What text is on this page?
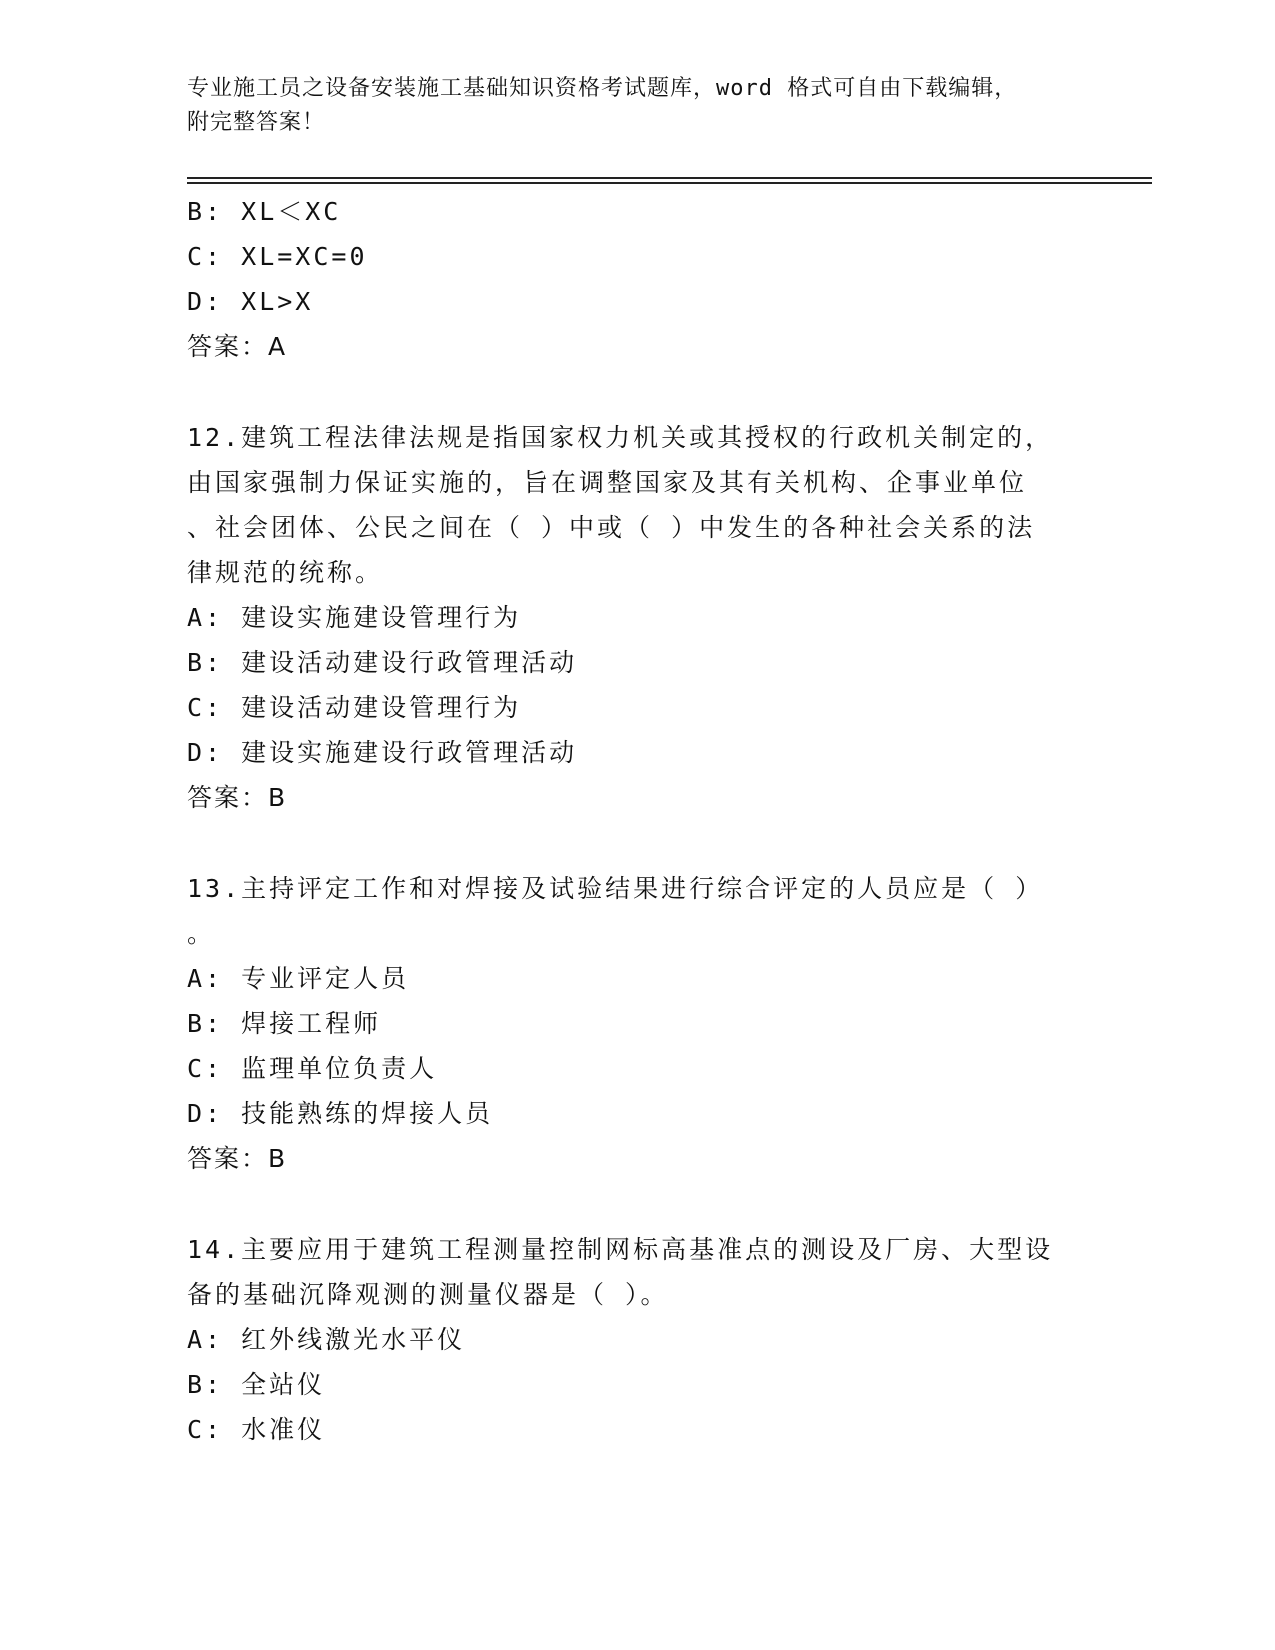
专业施工员之设备安装施工基础知识资格考试题库，word 格式可自由下载编辑，
附完整答案！
B: XL＜XC
C: XL=XC=0
D: XL>X
答案：A
12.建筑工程法律法规是指国家权力机关或其授权的行政机关制定的，
由国家强制力保证实施的，旨在调整国家及其有关机构、企事业单位
、社会团体、公民之间在（ ）中或（ ）中发生的各种社会关系的法
律规范的统称。
A: 建设实施建设管理行为
B: 建设活动建设行政管理活动
C: 建设活动建设管理行为
D: 建设实施建设行政管理活动
答案：B
13.主持评定工作和对焊接及试验结果进行综合评定的人员应是（ ）
。
A: 专业评定人员
B: 焊接工程师
C: 监理单位负责人
D: 技能熟练的焊接人员
答案：B
14.主要应用于建筑工程测量控制网标高基准点的测设及厂房、大型设
备的基础沉降观测的测量仪器是（ ）。
A: 红外线激光水平仪
B: 全站仪
C: 水准仪
